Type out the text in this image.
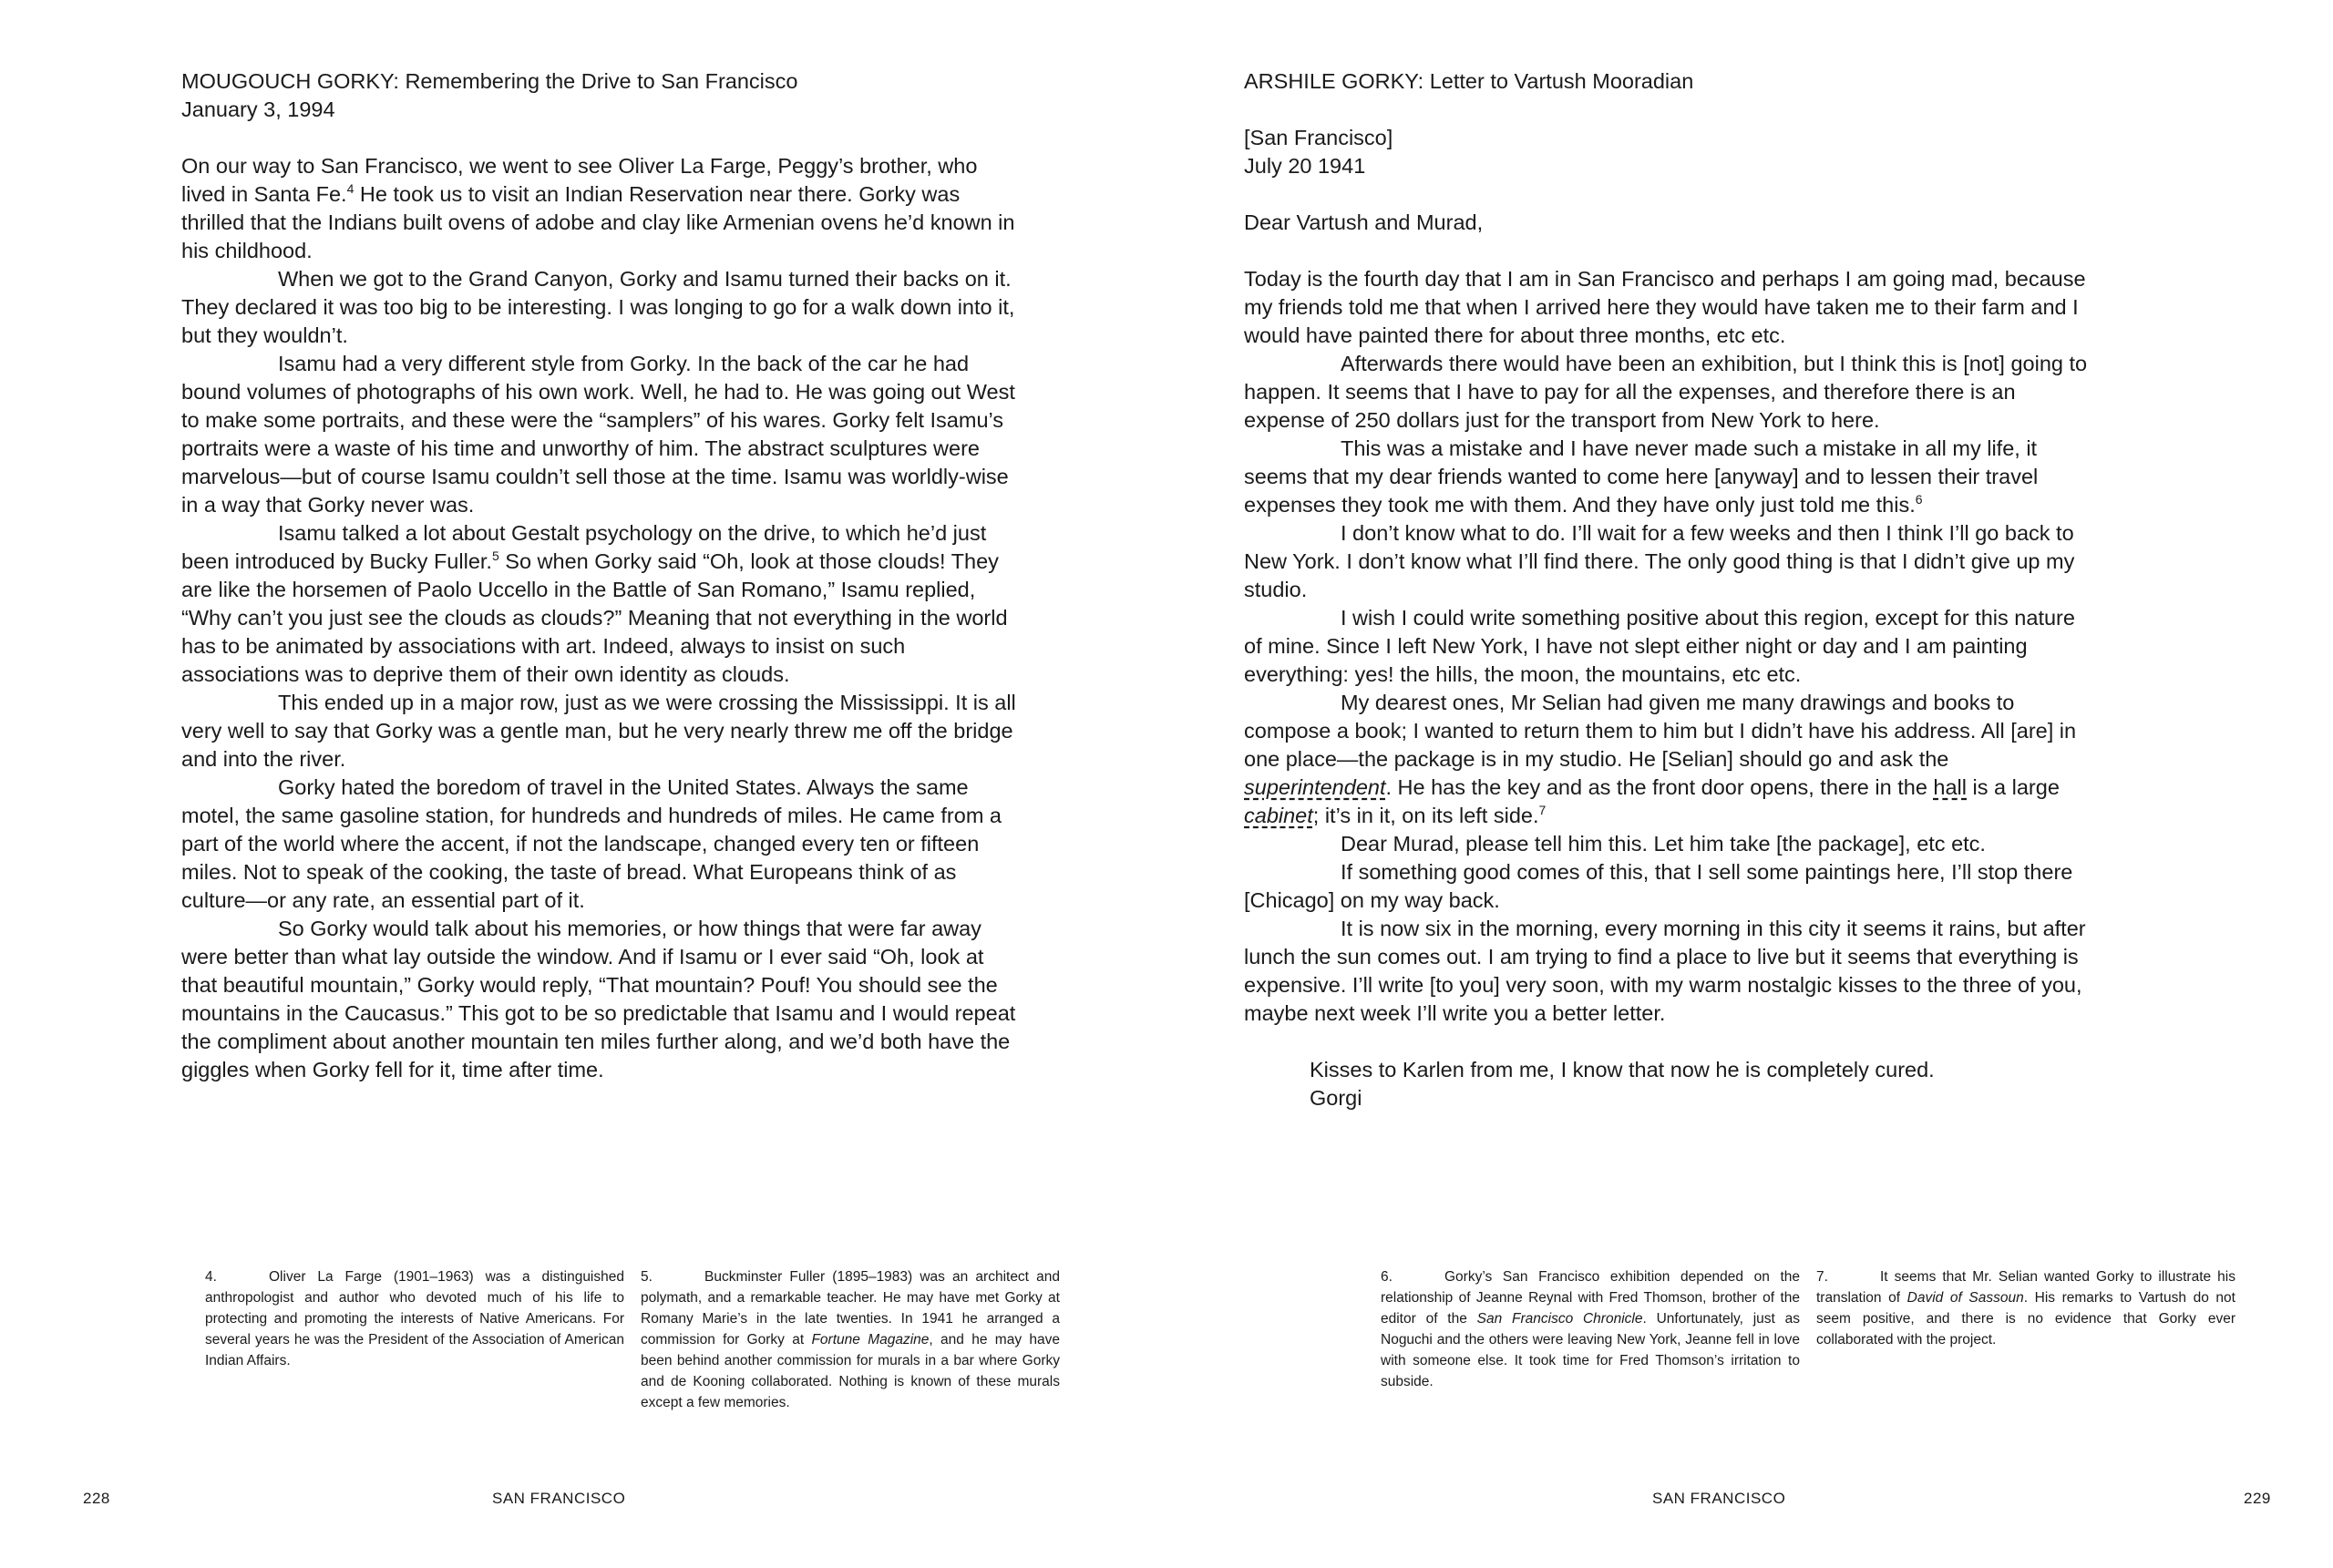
MOUGOUCH GORKY: Remembering the Drive to San Francisco

January 3, 1994

On our way to San Francisco, we went to see Oliver La Farge, Peggy’s brother, who lived in Santa Fe.$^4$ He took us to visit an Indian Reservation near there. Gorky was thrilled that the Indians built ovens of adobe and clay like Armenian ovens he’d known in his childhood.

When we got to the Grand Canyon, Gorky and Isamu turned their backs on it. They declared it was too big to be interesting. I was longing to go for a walk down into it, but they wouldn’t.

Isamu had a very different style from Gorky. In the back of the car he had bound volumes of photographs of his own work. Well, he had to. He was going out West to make some portraits, and these were the “samplers” of his wares. Gorky felt Isamu’s portraits were a waste of his time and unworthy of him. The abstract sculptures were marvelous—but of course Isamu couldn’t sell those at the time. Isamu was worldly-wise in a way that Gorky never was.

Isamu talked a lot about Gestalt psychology on the drive, to which he’d just been introduced by Bucky Fuller.$^5$ So when Gorky said “Oh, look at those clouds! They are like the horsemen of Paolo Uccello in the Battle of San Romano,” Isamu replied, “Why can’t you just see the clouds as clouds?” Meaning that not everything in the world has to be animated by associations with art. Indeed, always to insist on such associations was to deprive them of their own identity as clouds.

This ended up in a major row, just as we were crossing the Mississippi. It is all very well to say that Gorky was a gentle man, but he very nearly threw me off the bridge and into the river.

Gorky hated the boredom of travel in the United States. Always the same motel, the same gasoline station, for hundreds and hundreds of miles. He came from a part of the world where the accent, if not the landscape, changed every ten or fifteen miles. Not to speak of the cooking, the taste of bread. What Europeans think of as culture—or any rate, an essential part of it.

So Gorky would talk about his memories, or how things that were far away were better than what lay outside the window. And if Isamu or I ever said “Oh, look at that beautiful mountain,” Gorky would reply, “That mountain? Pouf! You should see the mountains in the Caucasus.” This got to be so predictable that Isamu and I would repeat the compliment about another mountain ten miles further along, and we’d both have the giggles when Gorky fell for it, time after time.

4.	Oliver La Farge (1901–1963) was a distinguished anthropologist and author who devoted much of his life to protecting and promoting the interests of Native Americans. For several years he was the President of the Association of American Indian Affairs.
5.	Buckminster Fuller (1895–1983) was an architect and polymath, and a remarkable teacher. He may have met Gorky at Romany Marie’s in the late twenties. In 1941 he arranged a commission for Gorky at Fortune Magazine, and he may have been behind another commission for murals in a bar where Gorky and de Kooning collaborated. Nothing is known of these murals except a few memories.
228	SAN FRANCISCO

ARSHILE GORKY: Letter to Vartush Mooradian

[San Francisco]

July 20 1941

Dear Vartush and Murad,

Today is the fourth day that I am in San Francisco and perhaps I am going mad, because my friends told me that when I arrived here they would have taken me to their farm and I would have painted there for about three months, etc etc.

Afterwards there would have been an exhibition, but I think this is [not] going to happen. It seems that I have to pay for all the expenses, and therefore there is an expense of 250 dollars just for the transport from New York to here.

This was a mistake and I have never made such a mistake in all my life, it seems that my dear friends wanted to come here [anyway] and to lessen their travel expenses they took me with them. And they have only just told me this.$^6$

I don’t know what to do. I’ll wait for a few weeks and then I think I’ll go back to New York. I don’t know what I’ll find there. The only good thing is that I didn’t give up my studio.

I wish I could write something positive about this region, except for this nature of mine. Since I left New York, I have not slept either night or day and I am painting everything: yes! the hills, the moon, the mountains, etc etc.

My dearest ones, Mr Selian had given me many drawings and books to compose a book; I wanted to return them to him but I didn’t have his address. All [are] in one place—the package is in my studio. He [Selian] should go and ask the superintendent. He has the key and as the front door opens, there in the hall is a large cabinet; it’s in it, on its left side.$^7$

Dear Murad, please tell him this. Let him take [the package], etc etc.

If something good comes of this, that I sell some paintings here, I’ll stop there [Chicago] on my way back.

It is now six in the morning, every morning in this city it seems it rains, but after lunch the sun comes out. I am trying to find a place to live but it seems that everything is expensive. I’ll write [to you] very soon, with my warm nostalgic kisses to the three of you, maybe next week I’ll write you a better letter.

Kisses to Karlen from me, I know that now he is completely cured.

Gorgi

6.	Gorky’s San Francisco exhibition depended on the relationship of Jeanne Reynal with Fred Thomson, brother of the editor of the San Francisco Chronicle. Unfortunately, just as Noguchi and the others were leaving New York, Jeanne fell in love with someone else. It took time for Fred Thomson’s irritation to subside.
7.	It seems that Mr. Selian wanted Gorky to illustrate his translation of David of Sassoun. His remarks to Vartush do not seem positive, and there is no evidence that Gorky ever collaborated with the project.
SAN FRANCISCO	229
